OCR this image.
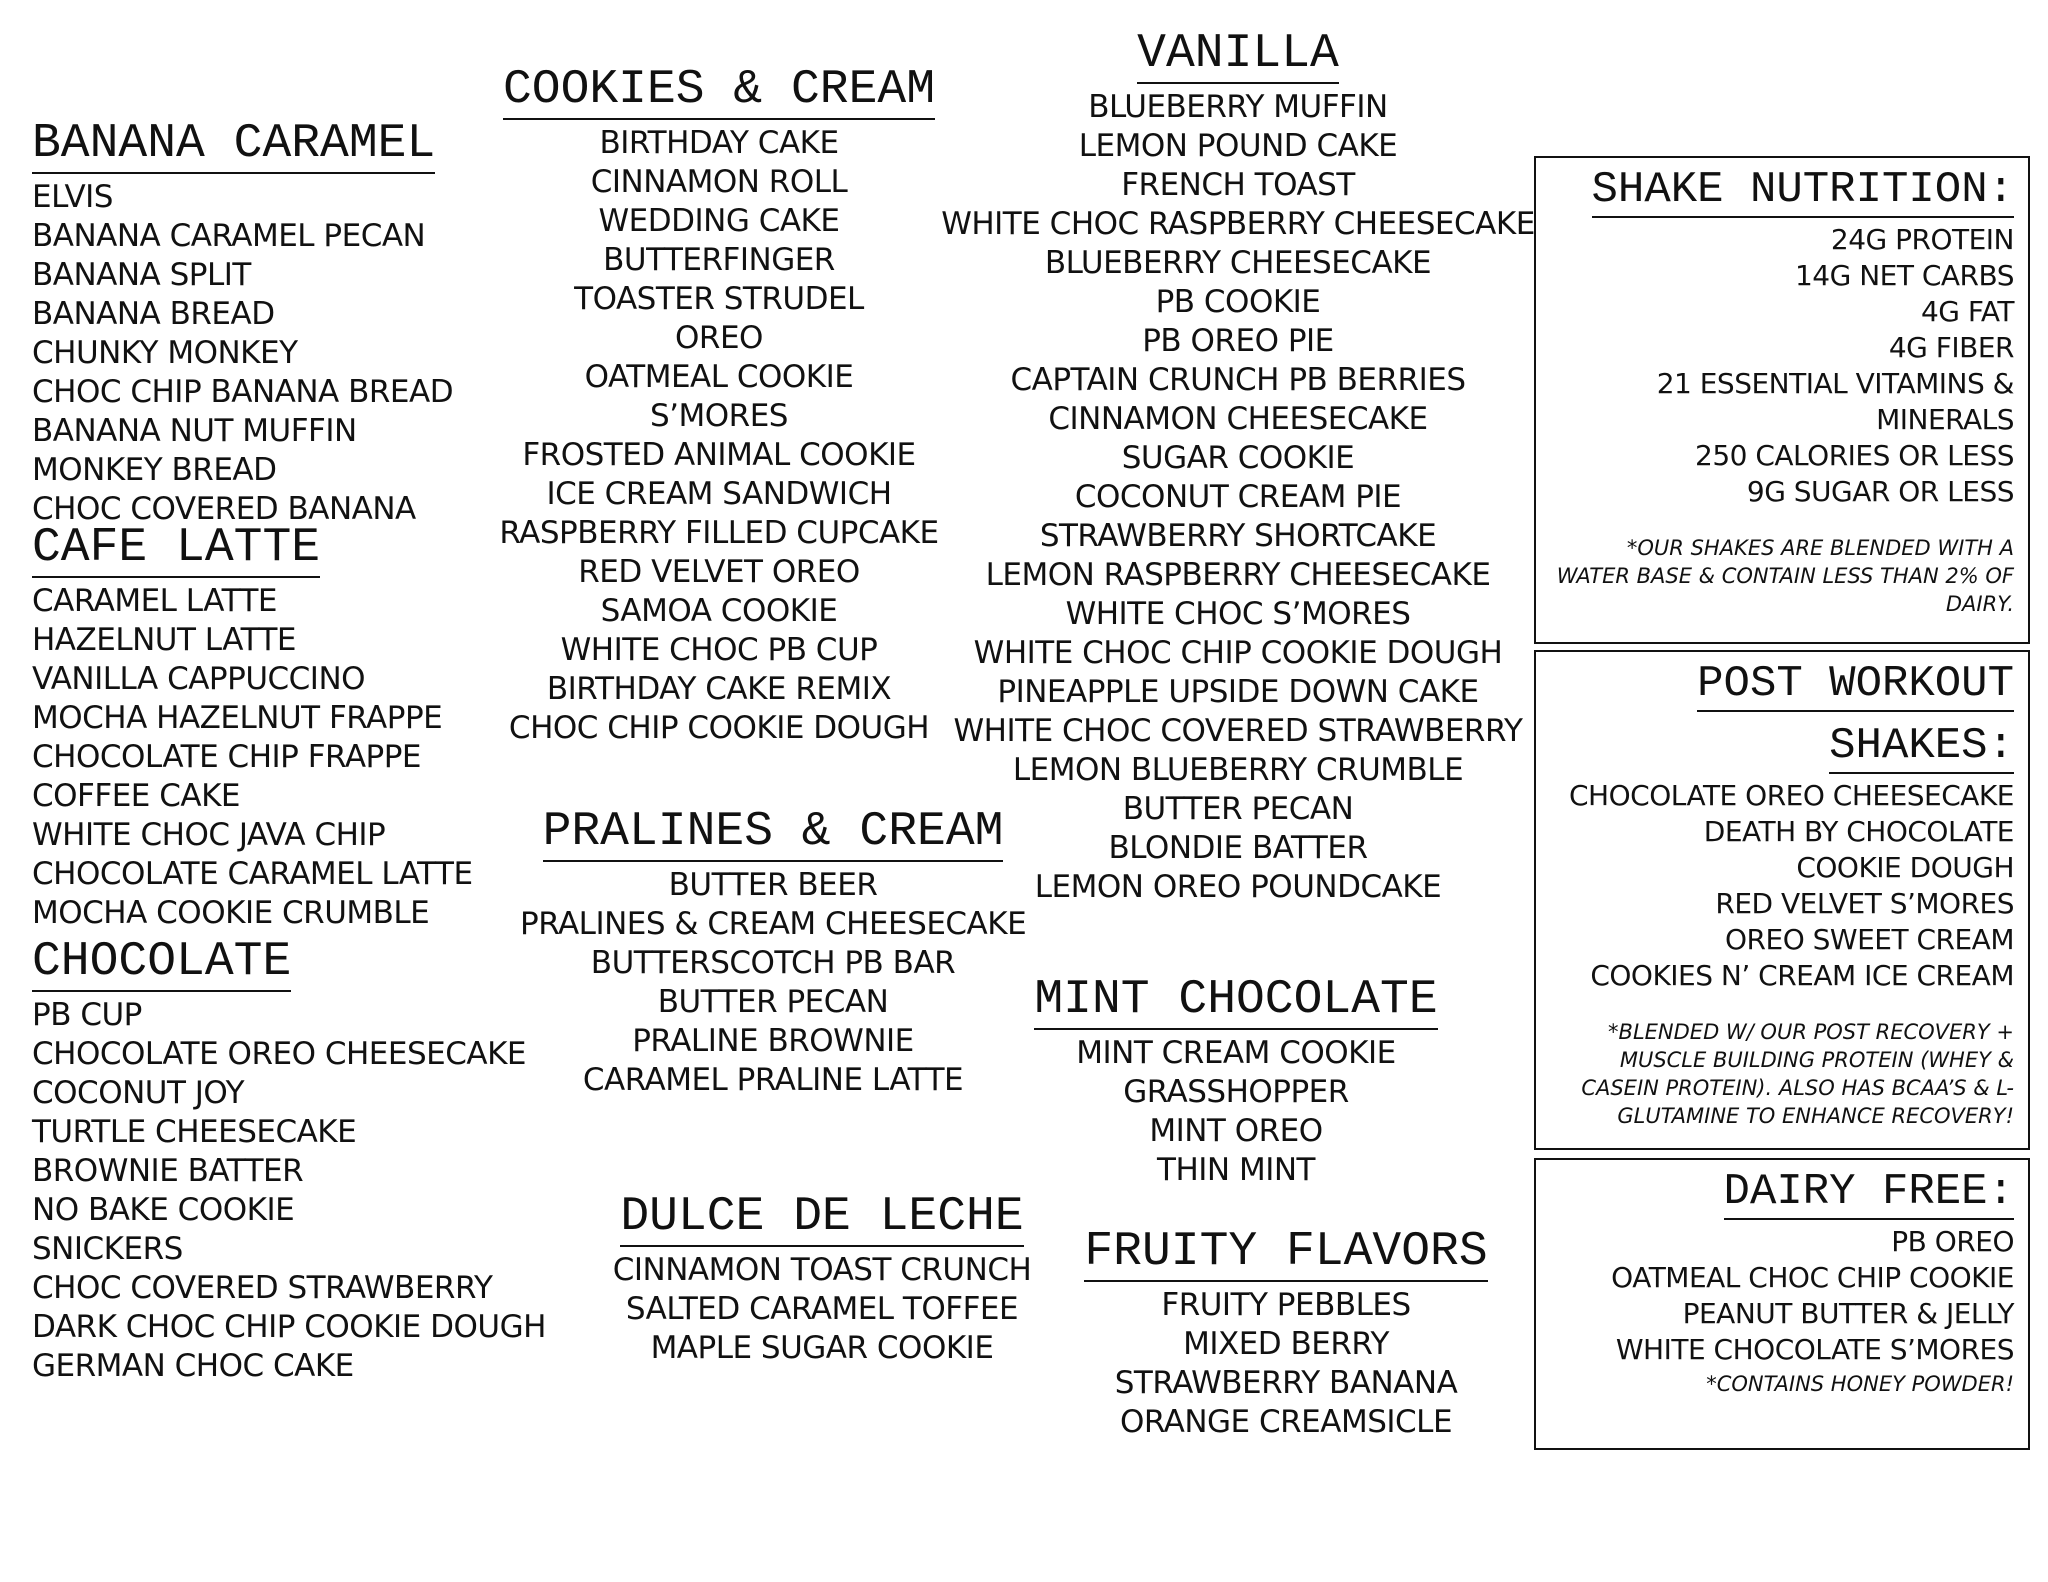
BANANA CARAMEL
ELVIS
BANANA CARAMEL PECAN
BANANA SPLIT
BANANA BREAD
CHUNKY MONKEY
CHOC CHIP BANANA BREAD
BANANA NUT MUFFIN
MONKEY BREAD
CHOC COVERED BANANA
CAFE LATTE
CARAMEL LATTE
HAZELNUT LATTE
VANILLA CAPPUCCINO
MOCHA HAZELNUT FRAPPE
CHOCOLATE CHIP FRAPPE
COFFEE CAKE
WHITE CHOC JAVA CHIP
CHOCOLATE CARAMEL LATTE
MOCHA COOKIE CRUMBLE
CHOCOLATE
PB CUP
CHOCOLATE OREO CHEESECAKE
COCONUT JOY
TURTLE CHEESECAKE
BROWNIE BATTER
NO BAKE COOKIE
SNICKERS
CHOC COVERED STRAWBERRY
DARK CHOC CHIP COOKIE DOUGH
GERMAN CHOC CAKE
COOKIES & CREAM
BIRTHDAY CAKE
CINNAMON ROLL
WEDDING CAKE
BUTTERFINGER
TOASTER STRUDEL
OREO
OATMEAL COOKIE
S’MORES
FROSTED ANIMAL COOKIE
ICE CREAM SANDWICH
RASPBERRY FILLED CUPCAKE
RED VELVET OREO
SAMOA COOKIE
WHITE CHOC PB CUP
BIRTHDAY CAKE REMIX
CHOC CHIP COOKIE DOUGH
PRALINES & CREAM
BUTTER BEER
PRALINES & CREAM CHEESECAKE
BUTTERSCOTCH PB BAR
BUTTER PECAN
PRALINE BROWNIE
CARAMEL PRALINE LATTE
DULCE DE LECHE
CINNAMON TOAST CRUNCH
SALTED CARAMEL TOFFEE
MAPLE SUGAR COOKIE
VANILLA
BLUEBERRY MUFFIN
LEMON POUND CAKE
FRENCH TOAST
WHITE CHOC RASPBERRY CHEESECAKE
BLUEBERRY CHEESECAKE
PB COOKIE
PB OREO PIE
CAPTAIN CRUNCH PB BERRIES
CINNAMON CHEESECAKE
SUGAR COOKIE
COCONUT CREAM PIE
STRAWBERRY SHORTCAKE
LEMON RASPBERRY CHEESECAKE
WHITE CHOC S’MORES
WHITE CHOC CHIP COOKIE DOUGH
PINEAPPLE UPSIDE DOWN CAKE
WHITE CHOC COVERED STRAWBERRY
LEMON BLUEBERRY CRUMBLE
BUTTER PECAN
BLONDIE BATTER
LEMON OREO POUNDCAKE
MINT CHOCOLATE
MINT CREAM COOKIE
GRASSHOPPER
MINT OREO
THIN MINT
FRUITY FLAVORS
FRUITY PEBBLES
MIXED BERRY
STRAWBERRY BANANA
ORANGE CREAMSICLE
SHAKE NUTRITION:
24G PROTEIN
14G NET CARBS
4G FAT
4G FIBER
21 ESSENTIAL VITAMINS &
MINERALS
250 CALORIES OR LESS
9G SUGAR OR LESS
*OUR SHAKES ARE BLENDED WITH A WATER BASE & CONTAIN LESS THAN 2% OF DAIRY.
POST WORKOUT
SHAKES:
CHOCOLATE OREO CHEESECAKE
DEATH BY CHOCOLATE
COOKIE DOUGH
RED VELVET S’MORES
OREO SWEET CREAM
COOKIES N’ CREAM ICE CREAM
*BLENDED W/ OUR POST RECOVERY + MUSCLE BUILDING PROTEIN (WHEY & CASEIN PROTEIN). ALSO HAS BCAA’S & L-GLUTAMINE TO ENHANCE RECOVERY!
DAIRY FREE:
PB OREO
OATMEAL CHOC CHIP COOKIE
PEANUT BUTTER & JELLY
WHITE CHOCOLATE S’MORES
*CONTAINS HONEY POWDER!
